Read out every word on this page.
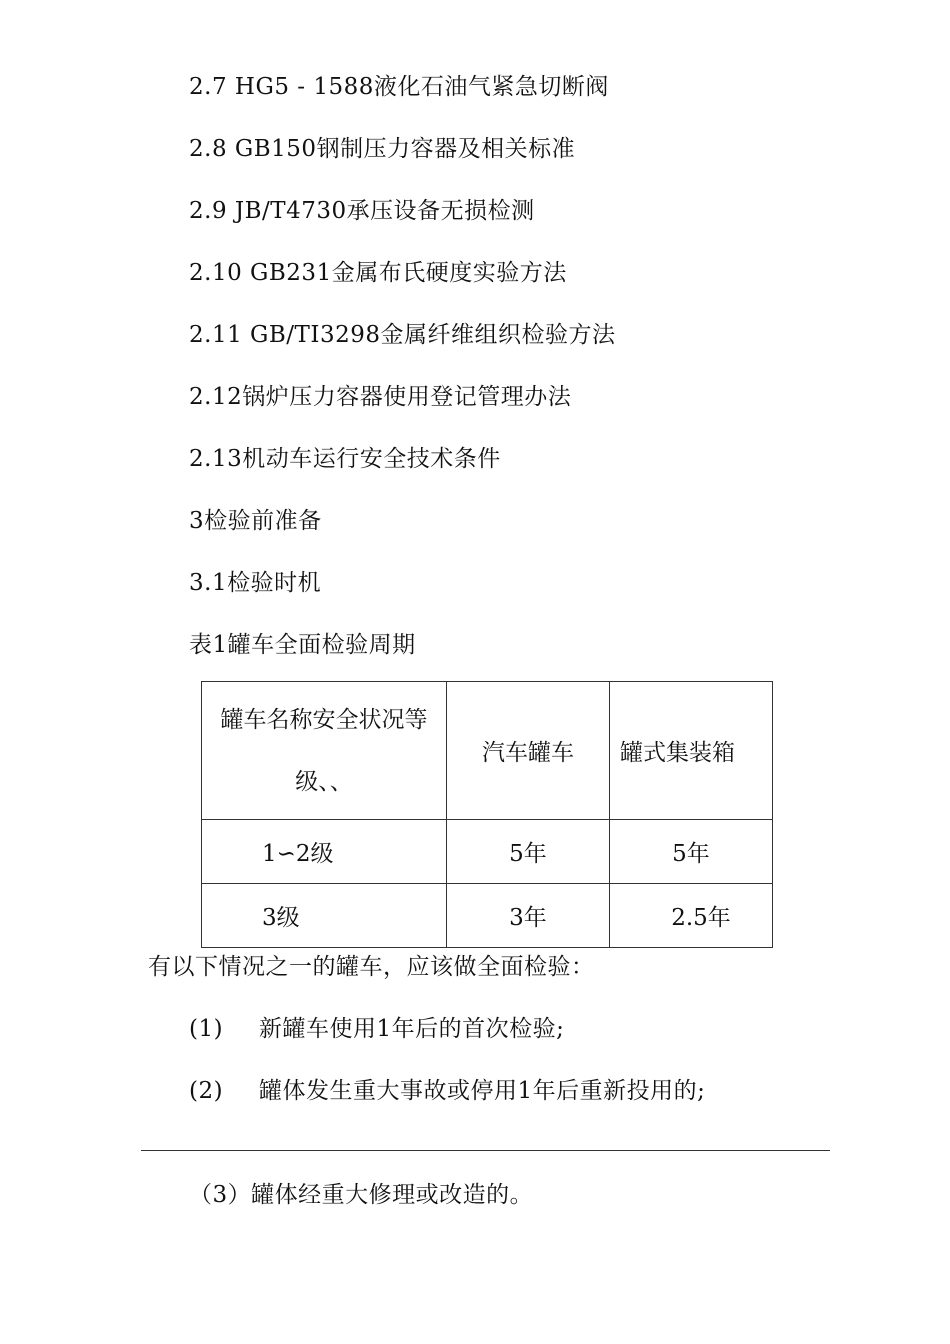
2.7 HG5 - 1588液化石油气紧急切断阀
2.8 GB150钢制压力容器及相关标准
2.9 JB/T4730承压设备无损检测
2.10 GB231金属布氏硬度实验方法
2.11 GB/TI3298金属纤维组织检验方法
2.12锅炉压力容器使用登记管理办法
2.13机动车运行安全技术条件
3检验前准备
3.1检验时机
表1罐车全面检验周期
罐车名称安全状况等
级、、	汽车罐车	罐式集装箱
1∽2级	5年	5年
3级	3年	2.5年
有以下情况之一的罐车，应该做全面检验：
(1) 新罐车使用1年后的首次检验;
(2) 罐体发生重大事故或停用1年后重新投用的;
（3）罐体经重大修理或改造的。
